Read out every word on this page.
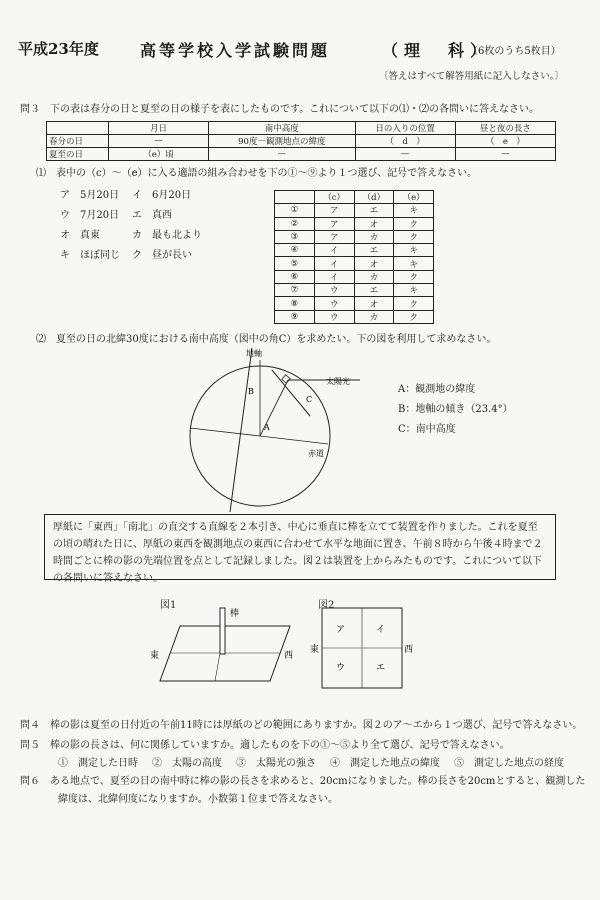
平成23年度	高等学校入学試験問題	（理　科）
（6枚のうち5枚目）
〔答えはすべて解答用紙に記入しなさい。〕
問３　下の表は春分の日と夏至の日の様子を表にしたものです。これについて以下の⑴・⑵の各問いに答えなさい。
	月日	南中高度	日の入りの位置	昼と夜の長さ
春分の日	—	90度－観測地点の緯度	（　d　）	（　e　）
夏至の日	（e）頃	—	—	—
⑴　表中の（c）～（e）に入る適語の組み合わせを下の①～⑨より１つ選び、記号で答えなさい。
ア　5月20日	イ　6月20日
ウ　7月20日	エ　真西
オ　真東	カ　最も北より
キ　ほぼ同じ	ク　昼が長い
	（c）	（d）	（e）
①	ア	エ	キ
②	ア	オ	ク
③	ア	カ	ク
④	イ	エ	キ
⑤	イ	オ	キ
⑥	イ	カ	ク
⑦	ウ	エ	キ
⑧	ウ	オ	ク
⑨	ウ	カ	ク
⑵　夏至の日の北緯30度における南中高度（図中の角C）を求めたい。下の図を利用して求めなさい。
地軸
太陽光
赤道
A
B
C
A：観測地の緯度
B：地軸の傾き（23.4°）
C：南中高度
厚紙に「東西」「南北」の直交する直線を２本引き、中心に垂直に棒を立てて装置を作りました。これを夏至の頃の晴れた日に、厚紙の東西を観測地点の東西に合わせて水平な地面に置き、午前８時から午後４時まで２時間ごとに棒の影の先端位置を点として記録しました。図２は装置を上からみたものです。これについて以下の各問いに答えなさい。
図1
棒
東	西
図2
ア	イ
ウ	エ
東	西
問４　棒の影は夏至の日付近の午前11時には厚紙のどの範囲にありますか。図２のア～エから１つ選び、記号で答えなさい。
問５　棒の影の長さは、何に関係していますか。適したものを下の①～⑤より全て選び、記号で答えなさい。
①　測定した日時 ②　太陽の高度 ③　太陽光の強さ ④　測定した地点の緯度 ⑤　測定した地点の経度
問６　ある地点で、夏至の日の南中時に棒の影の長さを求めると、20cmになりました。棒の長さを20cmとすると、観測した
緯度は、北緯何度になりますか。小数第１位まで答えなさい。
